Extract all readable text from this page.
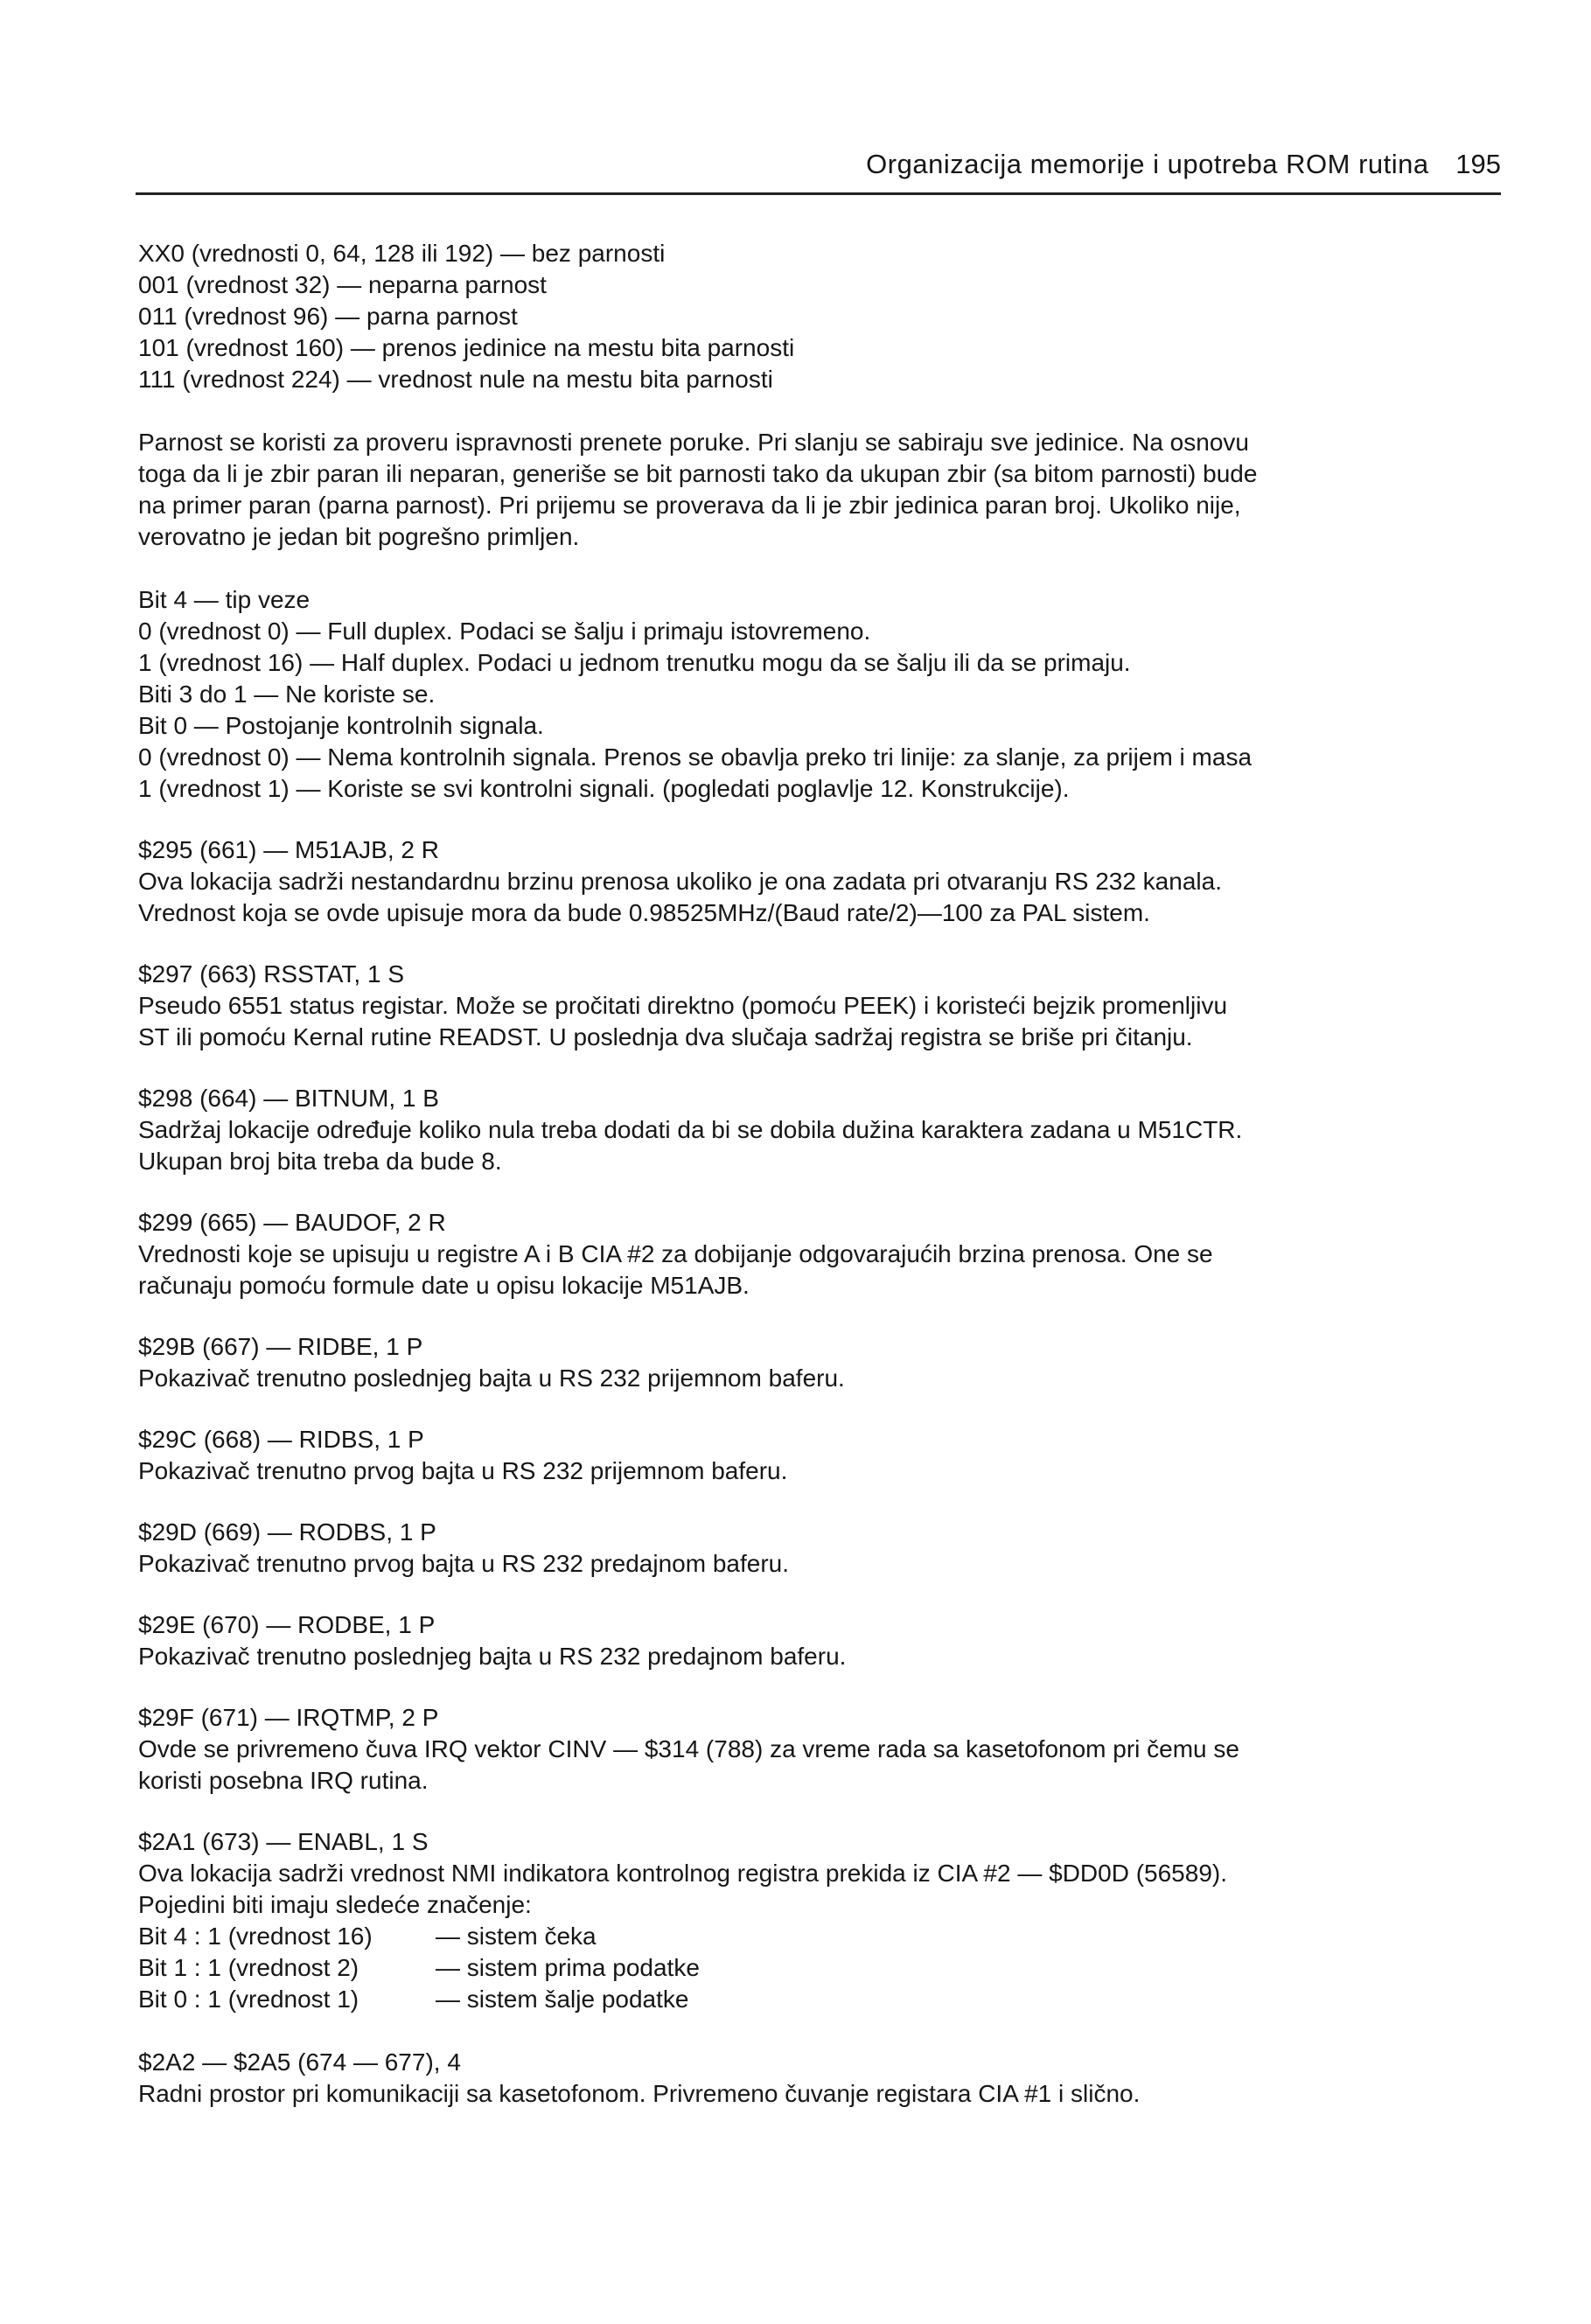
Organizacija memorije i upotreba ROM rutina 195
XX0 (vrednosti 0, 64, 128 ili 192) — bez parnosti
001 (vrednost 32) — neparna parnost
011 (vrednost 96) — parna parnost
101 (vrednost 160) — prenos jedinice na mestu bita parnosti
111 (vrednost 224) — vrednost nule na mestu bita parnosti
Parnost se koristi za proveru ispravnosti prenete poruke. Pri slanju se sabiraju sve jedinice. Na osnovu
toga da li je zbir paran ili neparan, generiše se bit parnosti tako da ukupan zbir (sa bitom parnosti) bude
na primer paran (parna parnost). Pri prijemu se proverava da li je zbir jedinica paran broj. Ukoliko nije,
verovatno je jedan bit pogrešno primljen.
Bit 4 — tip veze
0 (vrednost 0) — Full duplex. Podaci se šalju i primaju istovremeno.
1 (vrednost 16) — Half duplex. Podaci u jednom trenutku mogu da se šalju ili da se primaju.
Biti 3 do 1 — Ne koriste se.
Bit 0 — Postojanje kontrolnih signala.
0 (vrednost 0) — Nema kontrolnih signala. Prenos se obavlja preko tri linije: za slanje, za prijem i masa
1 (vrednost 1) — Koriste se svi kontrolni signali. (pogledati poglavlje 12. Konstrukcije).
$295 (661) — M51AJB, 2 R
Ova lokacija sadrži nestandardnu brzinu prenosa ukoliko je ona zadata pri otvaranju RS 232 kanala.
Vrednost koja se ovde upisuje mora da bude 0.98525MHz/(Baud rate/2)—100 za PAL sistem.
$297 (663) RSSTAT, 1 S
Pseudo 6551 status registar. Može se pročitati direktno (pomoću PEEK) i koristeći bejzik promenljivu
ST ili pomoću Kernal rutine READST. U poslednja dva slučaja sadržaj registra se briše pri čitanju.
$298 (664) — BITNUM, 1 B
Sadržaj lokacije određuje koliko nula treba dodati da bi se dobila dužina karaktera zadana u M51CTR.
Ukupan broj bita treba da bude 8.
$299 (665) — BAUDOF, 2 R
Vrednosti koje se upisuju u registre A i B CIA #2 za dobijanje odgovarajućih brzina prenosa. One se
računaju pomoću formule date u opisu lokacije M51AJB.
$29B (667) — RIDBE, 1 P
Pokazivač trenutno poslednjeg bajta u RS 232 prijemnom baferu.
$29C (668) — RIDBS, 1 P
Pokazivač trenutno prvog bajta u RS 232 prijemnom baferu.
$29D (669) — RODBS, 1 P
Pokazivač trenutno prvog bajta u RS 232 predajnom baferu.
$29E (670) — RODBE, 1 P
Pokazivač trenutno poslednjeg bajta u RS 232 predajnom baferu.
$29F (671) — IRQTMP, 2 P
Ovde se privremeno čuva IRQ vektor CINV — $314 (788) za vreme rada sa kasetofonom pri čemu se
koristi posebna IRQ rutina.
$2A1 (673) — ENABL, 1 S
Ova lokacija sadrži vrednost NMI indikatora kontrolnog registra prekida iz CIA #2 — $DD0D (56589).
Pojedini biti imaju sledeće značenje:
Bit 4 : 1 (vrednost 16)	— sistem čeka
Bit 1 : 1 (vrednost 2)	— sistem prima podatke
Bit 0 : 1 (vrednost 1)	— sistem šalje podatke
$2A2 — $2A5 (674 — 677), 4
Radni prostor pri komunikaciji sa kasetofonom. Privremeno čuvanje registara CIA #1 i slično.
